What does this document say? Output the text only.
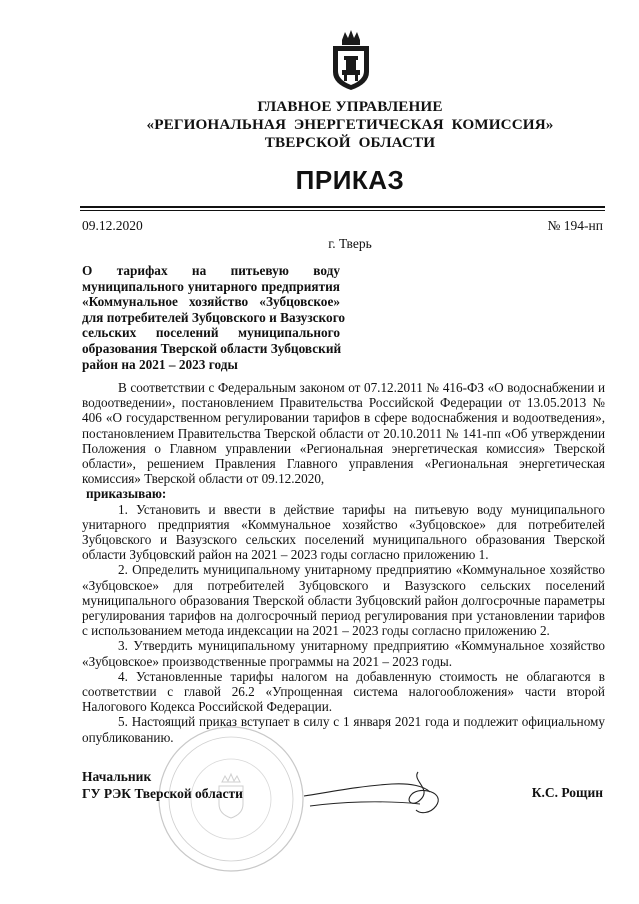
ГЛАВНОЕ УПРАВЛЕНИЕ
«РЕГИОНАЛЬНАЯ ЭНЕРГЕТИЧЕСКАЯ КОМИССИЯ»
ТВЕРСКОЙ ОБЛАСТИ
ПРИКАЗ
09.12.2020	№ 194-нп
г. Тверь
О тарифах на питьевую воду
муниципального унитарного предприятия
«Коммунальное хозяйство «Зубцовское»
для потребителей Зубцовского и Вазузского
сельских поселений муниципального
образования Тверской области Зубцовский
район на 2021 – 2023 годы

В соответствии с Федеральным законом от 07.12.2011 № 416-ФЗ «О водоснабжении и водоотведении», постановлением Правительства Российской Федерации от 13.05.2013 № 406 «О государственном регулировании тарифов в сфере водоснабжения и водоотведения», постановлением Правительства Тверской области от 20.10.2011 № 141-пп «Об утверждении Положения о Главном управлении «Региональная энергетическая комиссия» Тверской области», решением Правления Главного управления «Региональная энергетическая комиссия» Тверской области от 09.12.2020,

приказываю:

1. Установить и ввести в действие тарифы на питьевую воду муниципального унитарного предприятия «Коммунальное хозяйство «Зубцовское» для потребителей Зубцовского и Вазузского сельских поселений муниципального образования Тверской области Зубцовский район на 2021 – 2023 годы согласно приложению 1.

2. Определить муниципальному унитарному предприятию «Коммунальное хозяйство «Зубцовское» для потребителей Зубцовского и Вазузского сельских поселений муниципального образования Тверской области Зубцовский район долгосрочные параметры регулирования тарифов на долгосрочный период регулирования при установлении тарифов с использованием метода индексации на 2021 – 2023 годы согласно приложению 2.

3. Утвердить муниципальному унитарному предприятию «Коммунальное хозяйство «Зубцовское» производственные программы на 2021 – 2023 годы.

4. Установленные тарифы налогом на добавленную стоимость не облагаются в соответствии с главой 26.2 «Упрощенная система налогообложения» части второй Налогового Кодекса Российской Федерации.

5. Настоящий приказ вступает в силу с 1 января 2021 года и подлежит официальному опубликованию.

Начальник
ГУ РЭК Тверской области	К.С. Рощин
